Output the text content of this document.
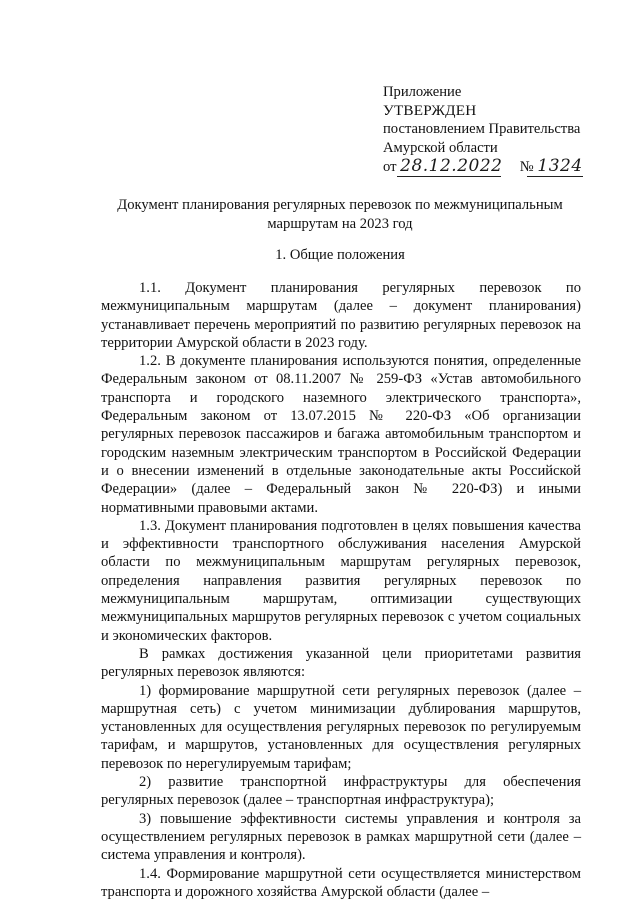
Приложение
УТВЕРЖДЕН
постановлением Правительства
Амурской области
от 28.12.2022 № 1324
Документ планирования регулярных перевозок по межмуниципальным
маршрутам на 2023 год
1. Общие положения

1.1. Документ планирования регулярных перевозок по межмуниципальным маршрутам (далее – документ планирования) устанавливает перечень мероприятий по развитию регулярных перевозок на территории Амурской области в 2023 году.

1.2. В документе планирования используются понятия, определенные Федеральным законом от 08.11.2007 № 259-ФЗ «Устав автомобильного транспорта и городского наземного электрического транспорта», Федеральным законом от 13.07.2015 № 220-ФЗ «Об организации регулярных перевозок пассажиров и багажа автомобильным транспортом и городским наземным электрическим транспортом в Российской Федерации и о внесении изменений в отдельные законодательные акты Российской Федерации» (далее – Федеральный закон № 220-ФЗ) и иными нормативными правовыми актами.

1.3. Документ планирования подготовлен в целях повышения качества и эффективности транспортного обслуживания населения Амурской области по межмуниципальным маршрутам регулярных перевозок, определения направления развития регулярных перевозок по межмуниципальным маршрутам, оптимизации существующих межмуниципальных маршрутов регулярных перевозок с учетом социальных и экономических факторов.

В рамках достижения указанной цели приоритетами развития регулярных перевозок являются:

1) формирование маршрутной сети регулярных перевозок (далее – маршрутная сеть) с учетом минимизации дублирования маршрутов, установленных для осуществления регулярных перевозок по регулируемым тарифам, и маршрутов, установленных для осуществления регулярных перевозок по нерегулируемым тарифам;

2) развитие транспортной инфраструктуры для обеспечения регулярных перевозок (далее – транспортная инфраструктура);

3) повышение эффективности системы управления и контроля за осуществлением регулярных перевозок в рамках маршрутной сети (далее – система управления и контроля).

1.4. Формирование маршрутной сети осуществляется министерством транспорта и дорожного хозяйства Амурской области (далее –
